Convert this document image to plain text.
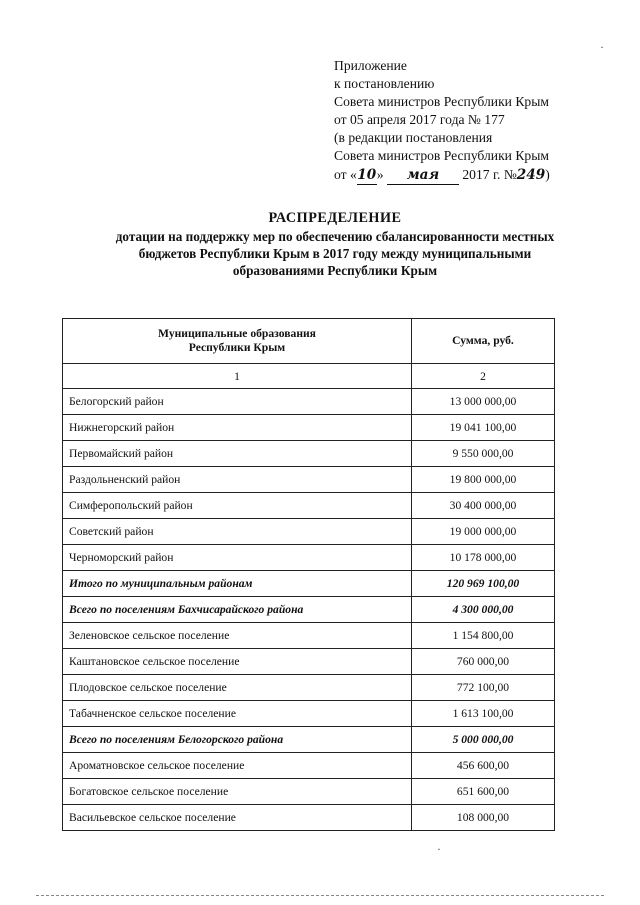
Приложение
к постановлению
Совета министров Республики Крым
от 05 апреля 2017 года № 177
(в редакции постановления
Совета министров Республики Крым
от «10» мая 2017 г. №249)
РАСПРЕДЕЛЕНИЕ
дотации на поддержку мер по обеспечению сбалансированности местных
бюджетов Республики Крым в 2017 году между муниципальными
образованиями Республики Крым
Муниципальные образования
Республики Крым	Сумма, руб.
1	2
Белогорский район	13 000 000,00
Нижнегорский район	19 041 100,00
Первомайский район	9 550 000,00
Раздольненский район	19 800 000,00
Симферопольский район	30 400 000,00
Советский район	19 000 000,00
Черноморский район	10 178 000,00
Итого по муниципальным районам	120 969 100,00
Всего по поселениям Бахчисарайского района	4 300 000,00
Зеленовское сельское поселение	1 154 800,00
Каштановское сельское поселение	760 000,00
Плодовское сельское поселение	772 100,00
Табачненское сельское поселение	1 613 100,00
Всего по поселениям Белогорского района	5 000 000,00
Ароматновское сельское поселение	456 600,00
Богатовское сельское поселение	651 600,00
Васильевское сельское поселение	108 000,00
·
·
